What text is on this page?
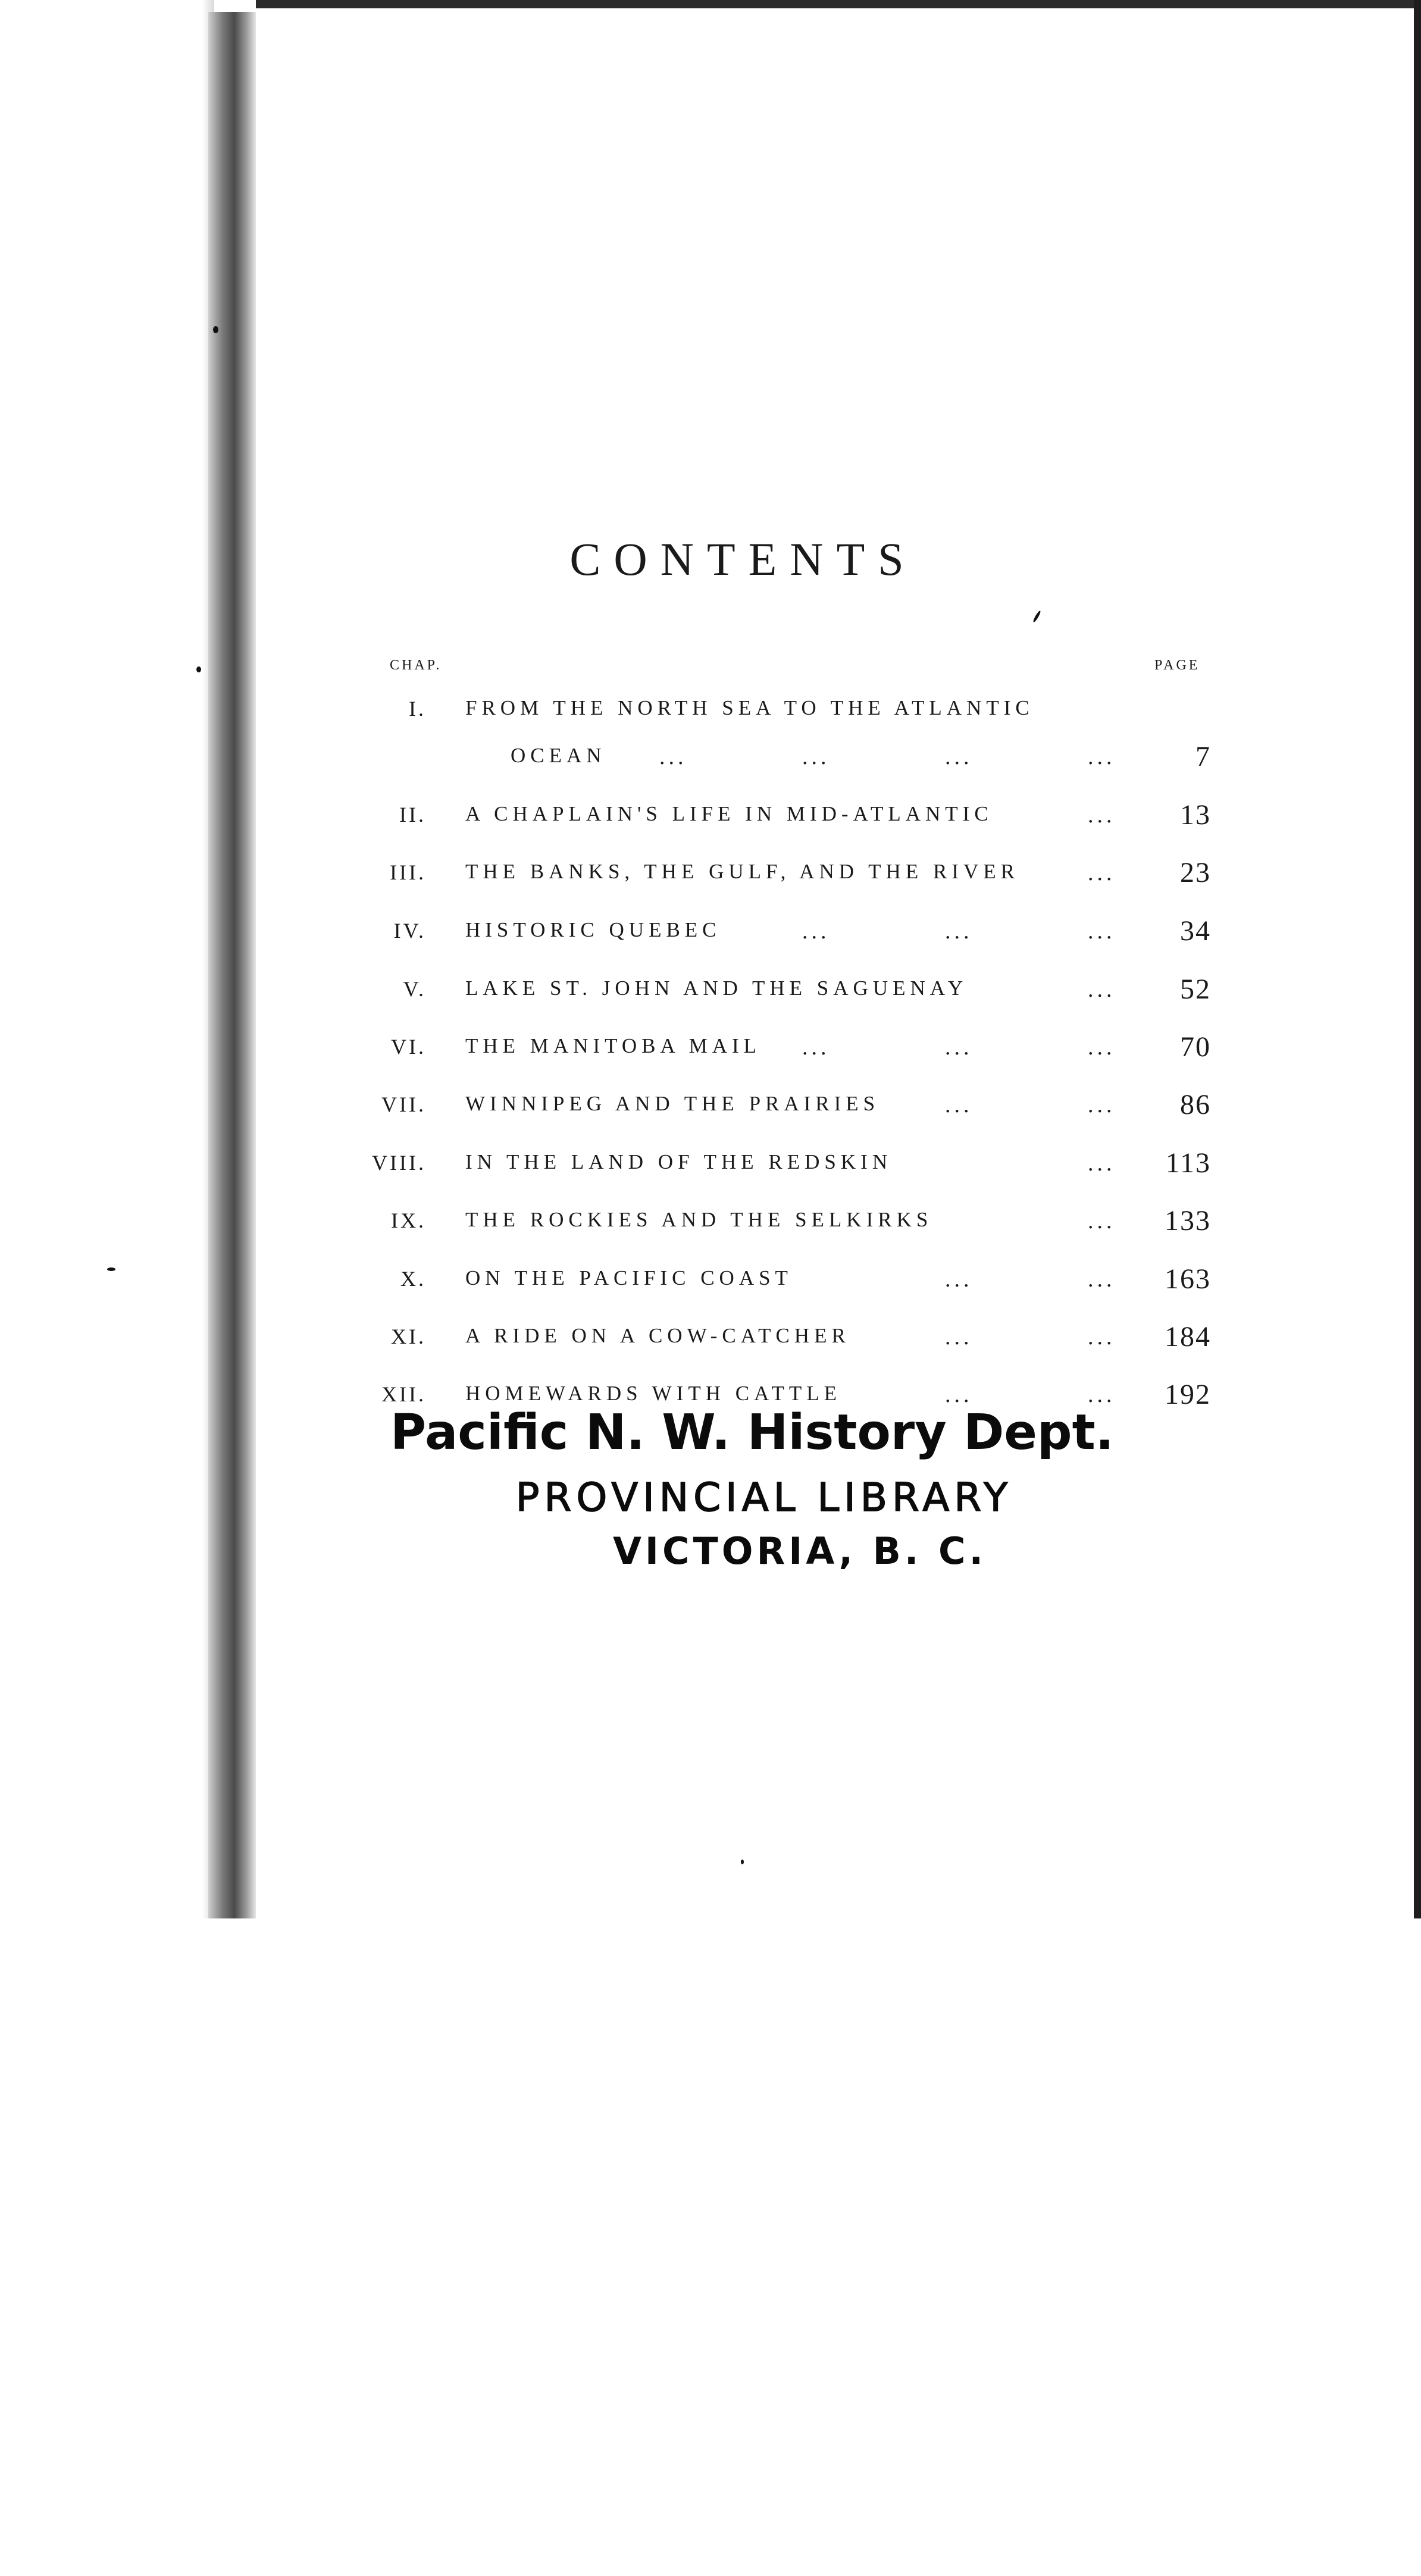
CONTENTS
CHAP.	PAGE
I. FROM THE NORTH SEA TO THE ATLANTIC
OCEAN ...	...	...	...	7
II. A CHAPLAIN'S LIFE IN MID-ATLANTIC	... 13
III. THE BANKS, THE GULF, AND THE RIVER	... 23
IV. HISTORIC QUEBEC	...	...	... 34
V. LAKE ST. JOHN AND THE SAGUENAY	... 52
VI. THE MANITOBA MAIL ...	...	... 70
VII. WINNIPEG AND THE PRAIRIES	...	... 86
VIII. IN THE LAND OF THE REDSKIN	... 113
IX. THE ROCKIES AND THE SELKIRKS	... 133
X. ON THE PACIFIC COAST	...	... 163
XI. A RIDE ON A COW-CATCHER	...	... 184
XII. HOMEWARDS WITH CATTLE	...	... 192
Pacific N. W. History Dept.
PROVINCIAL LIBRARY
VICTORIA, B. C.
